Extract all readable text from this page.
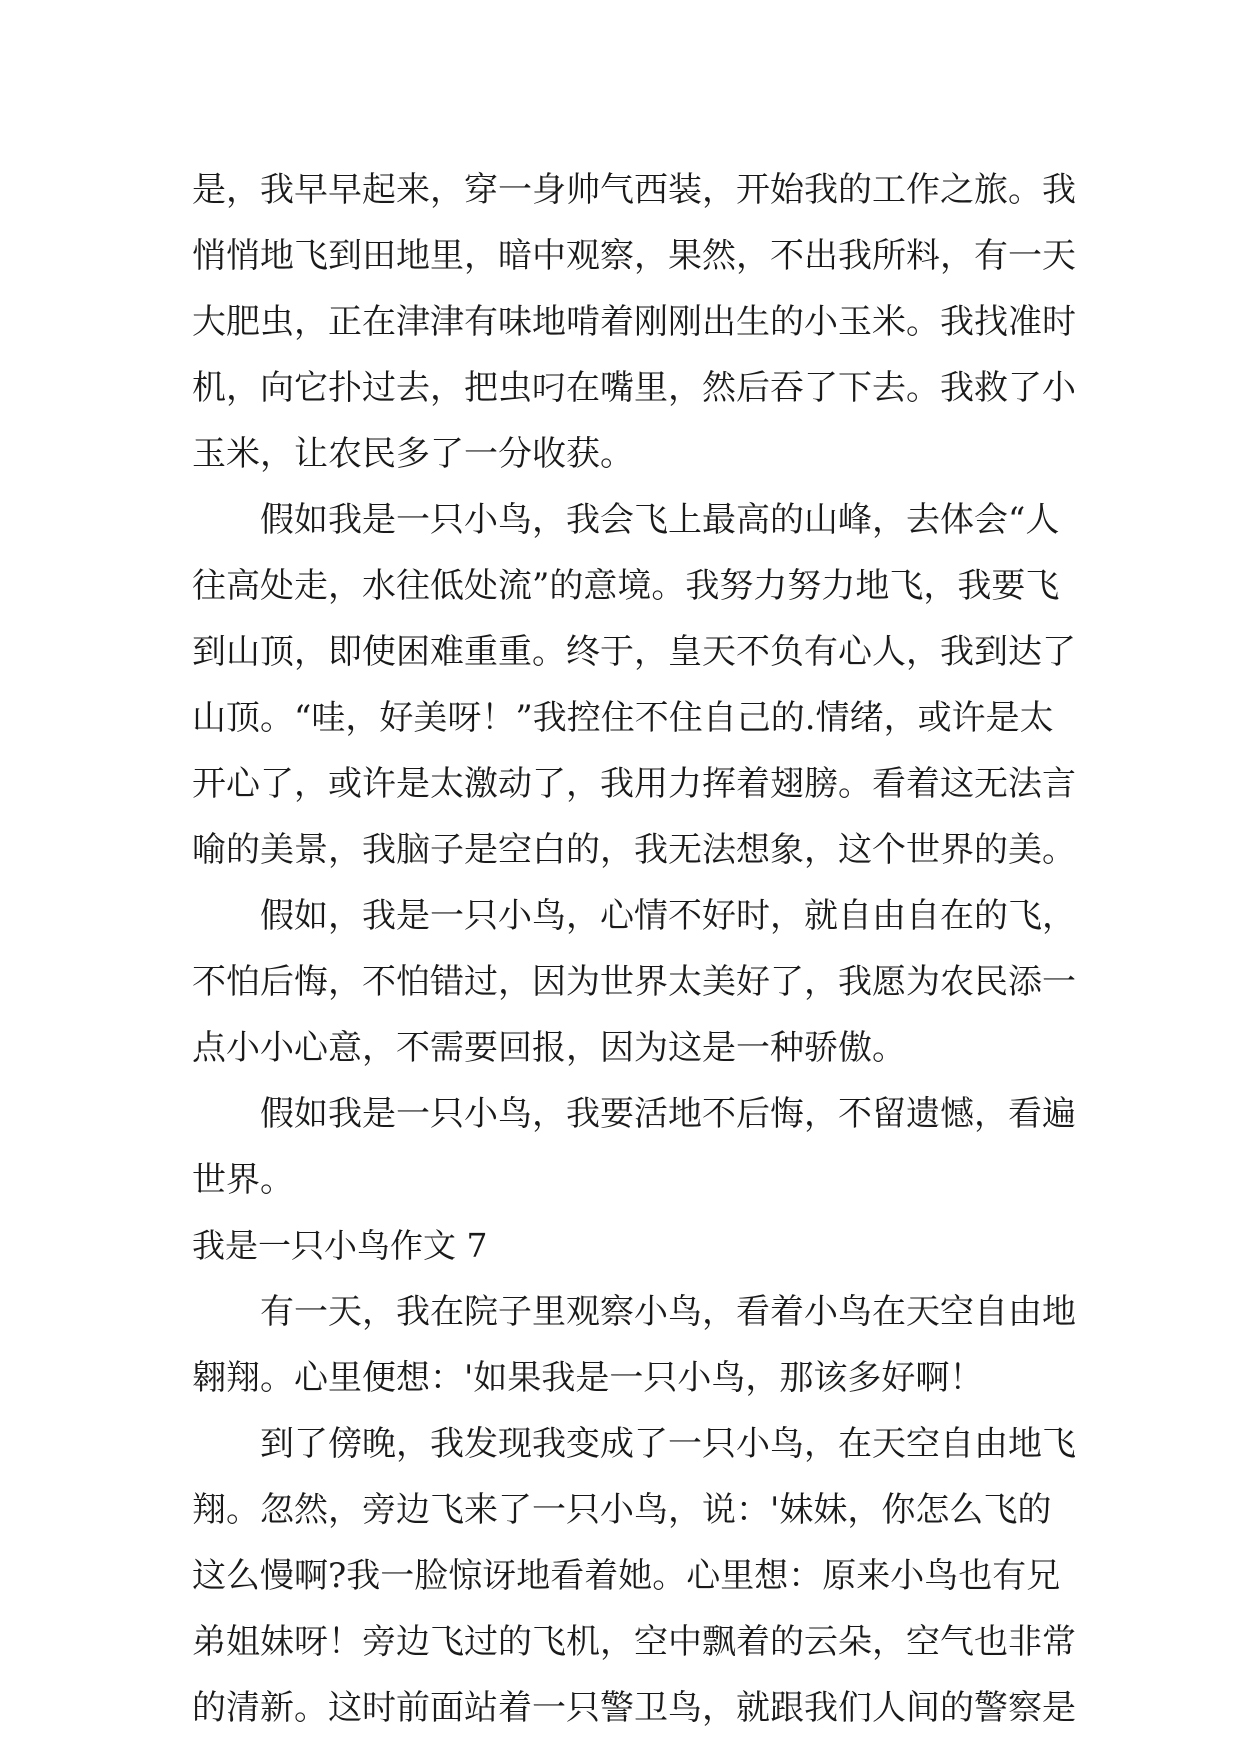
是，我早早起来，穿一身帅气西装，开始我的工作之旅。我
悄悄地飞到田地里，暗中观察，果然，不出我所料，有一天
大肥虫，正在津津有味地啃着刚刚出生的小玉米。我找准时
机，向它扑过去，把虫叼在嘴里，然后吞了下去。我救了小
玉米，让农民多了一分收获。
　　假如我是一只小鸟，我会飞上最高的山峰，去体会“人
往高处走，水往低处流”的意境。我努力努力地飞，我要飞
到山顶，即使困难重重。终于，皇天不负有心人，我到达了
山顶。“哇，好美呀！”我控住不住自己的.情绪，或许是太
开心了，或许是太激动了，我用力挥着翅膀。看着这无法言
喻的美景，我脑子是空白的，我无法想象，这个世界的美。
　　假如，我是一只小鸟，心情不好时，就自由自在的飞，
不怕后悔，不怕错过，因为世界太美好了，我愿为农民添一
点小小心意，不需要回报，因为这是一种骄傲。
　　假如我是一只小鸟，我要活地不后悔，不留遗憾，看遍
世界。
我是一只小鸟作文 7
　　有一天，我在院子里观察小鸟，看着小鸟在天空自由地
翱翔。心里便想：'如果我是一只小鸟，那该多好啊！
　　到了傍晚，我发现我变成了一只小鸟，在天空自由地飞
翔。忽然，旁边飞来了一只小鸟，说：'妹妹，你怎么飞的
这么慢啊?我一脸惊讶地看着她。心里想：原来小鸟也有兄
弟姐妹呀！旁边飞过的飞机，空中飘着的云朵，空气也非常
的清新。这时前面站着一只警卫鸟，就跟我们人间的警察是
